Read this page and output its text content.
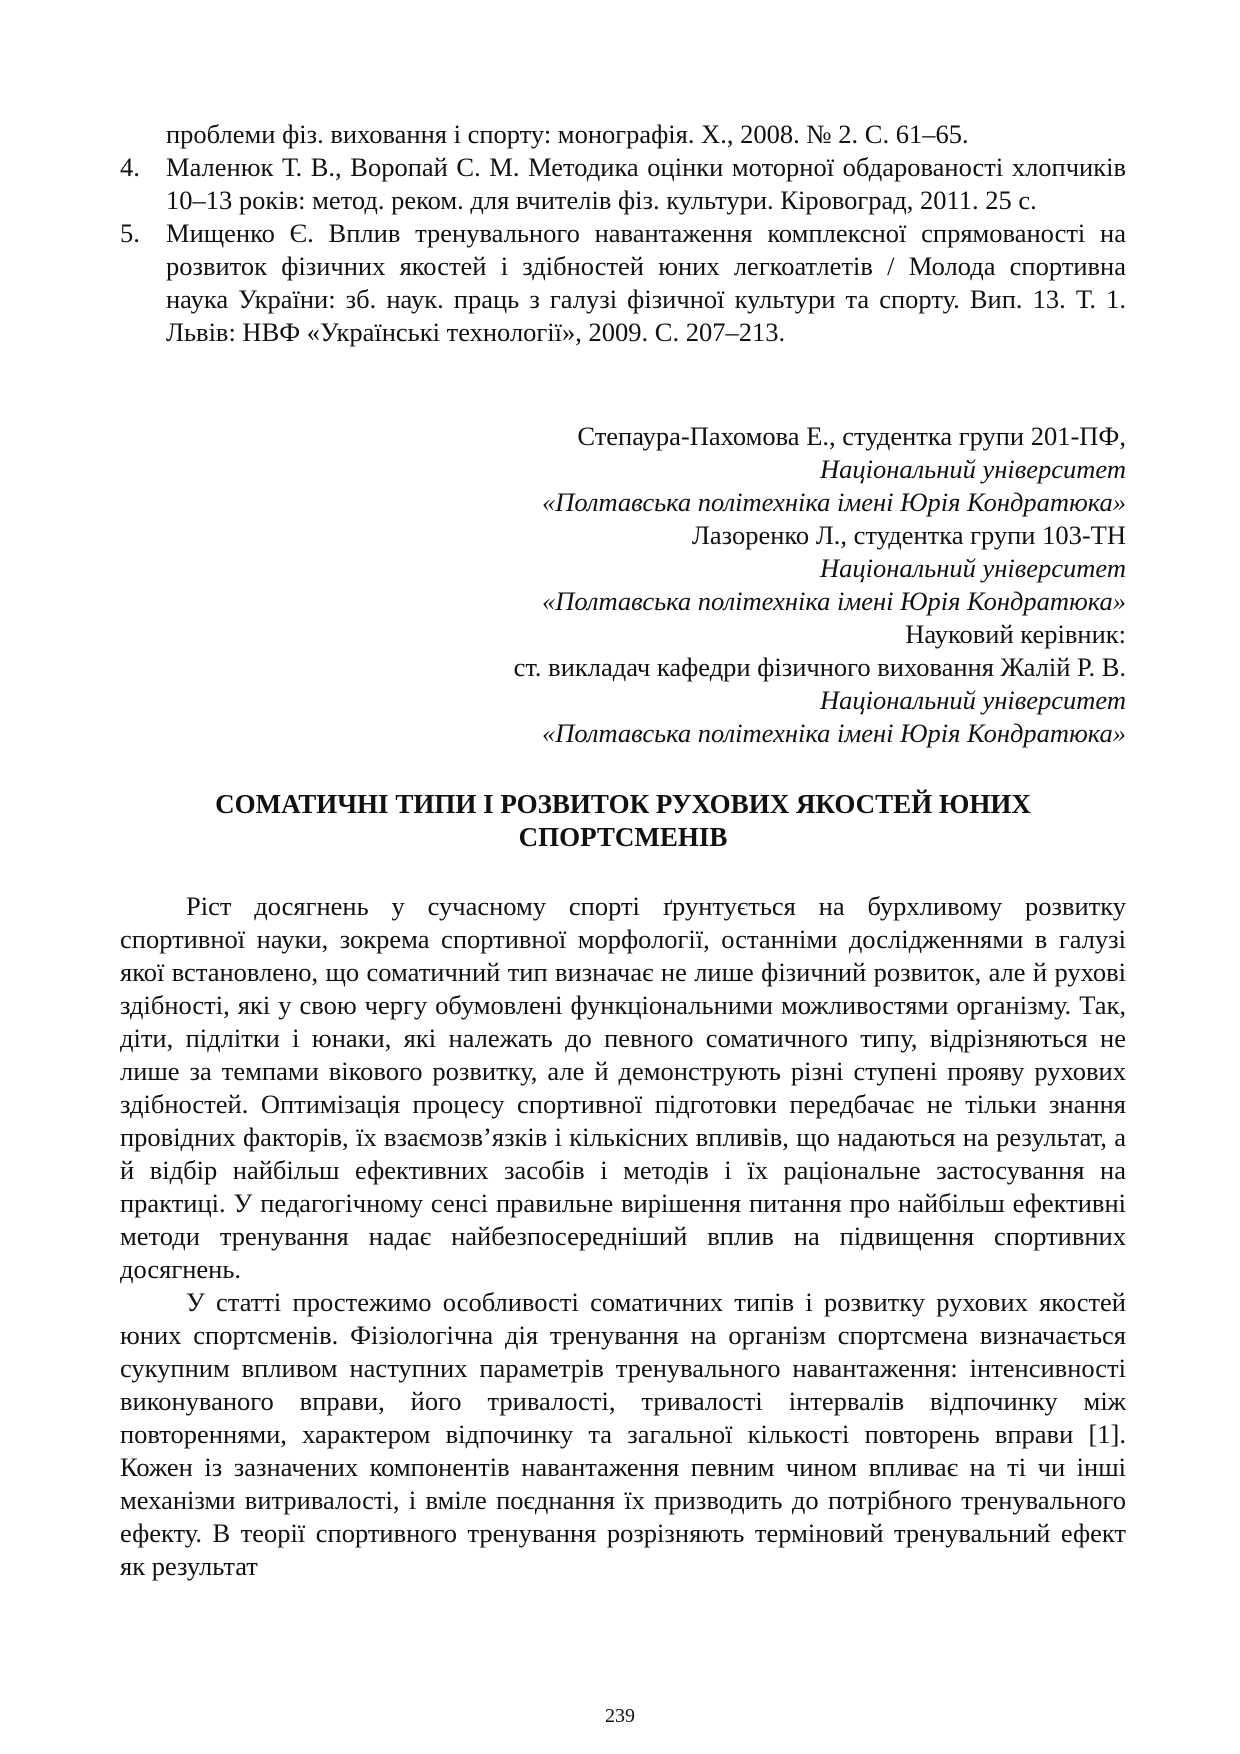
проблеми фіз. виховання і спорту: монографія. Х., 2008. № 2. С. 61–65.
4. Маленюк Т. В., Воропай С. М. Методика оцінки моторної обдарованості хлопчиків 10–13 років: метод. реком. для вчителів фіз. культури. Кіровоград, 2011. 25 с.
5. Мищенко Є. Вплив тренувального навантаження комплексної спрямованості на розвиток фізичних якостей і здібностей юних легкоатлетів / Молода спортивна наука України: зб. наук. праць з галузі фізичної культури та спорту. Вип. 13. Т. 1. Львів: НВФ «Українські технології», 2009. С. 207–213.
Степаура-Пахомова Е., студентка групи 201-ПФ,
Національний університет
«Полтавська політехніка імені Юрія Кондратюка»
Лазоренко Л., студентка групи 103-ТН
Національний університет
«Полтавська політехніка імені Юрія Кондратюка»
Науковий керівник:
ст. викладач кафедри фізичного виховання Жалій Р. В.
Національний університет
«Полтавська політехніка імені Юрія Кондратюка»
СОМАТИЧНІ ТИПИ І РОЗВИТОК РУХОВИХ ЯКОСТЕЙ ЮНИХ
СПОРТСМЕНІВ

Ріст досягнень у сучасному спорті ґрунтується на бурхливому розвитку спортивної науки, зокрема спортивної морфології, останніми дослідженнями в галузі якої встановлено, що соматичний тип визначає не лише фізичний розвиток, але й рухові здібності, які у свою чергу обумовлені функціональними можливостями організму. Так, діти, підлітки і юнаки, які належать до певного соматичного типу, відрізняються не лише за темпами вікового розвитку, але й демонструють різні ступені прояву рухових здібностей. Оптимізація процесу спортивної підготовки передбачає не тільки знання провідних факторів, їх взаємозв’язків і кількісних впливів, що надаються на результат, а й відбір найбільш ефективних засобів і методів і їх раціональне застосування на практиці. У педагогічному сенсі правильне вирішення питання про найбільш ефективні методи тренування надає найбезпосередніший вплив на підвищення спортивних досягнень.

У статті простежимо особливості соматичних типів і розвитку рухових якостей юних спортсменів. Фізіологічна дія тренування на організм спортсмена визначається сукупним впливом наступних параметрів тренувального навантаження: інтенсивності виконуваного вправи, його тривалості, тривалості інтервалів відпочинку між повтореннями, характером відпочинку та загальної кількості повторень вправи [1]. Кожен із зазначених компонентів навантаження певним чином впливає на ті чи інші механізми витривалості, і вміле поєднання їх призводить до потрібного тренувального ефекту. В теорії спортивного тренування розрізняють терміновий тренувальний ефект як результат

239
